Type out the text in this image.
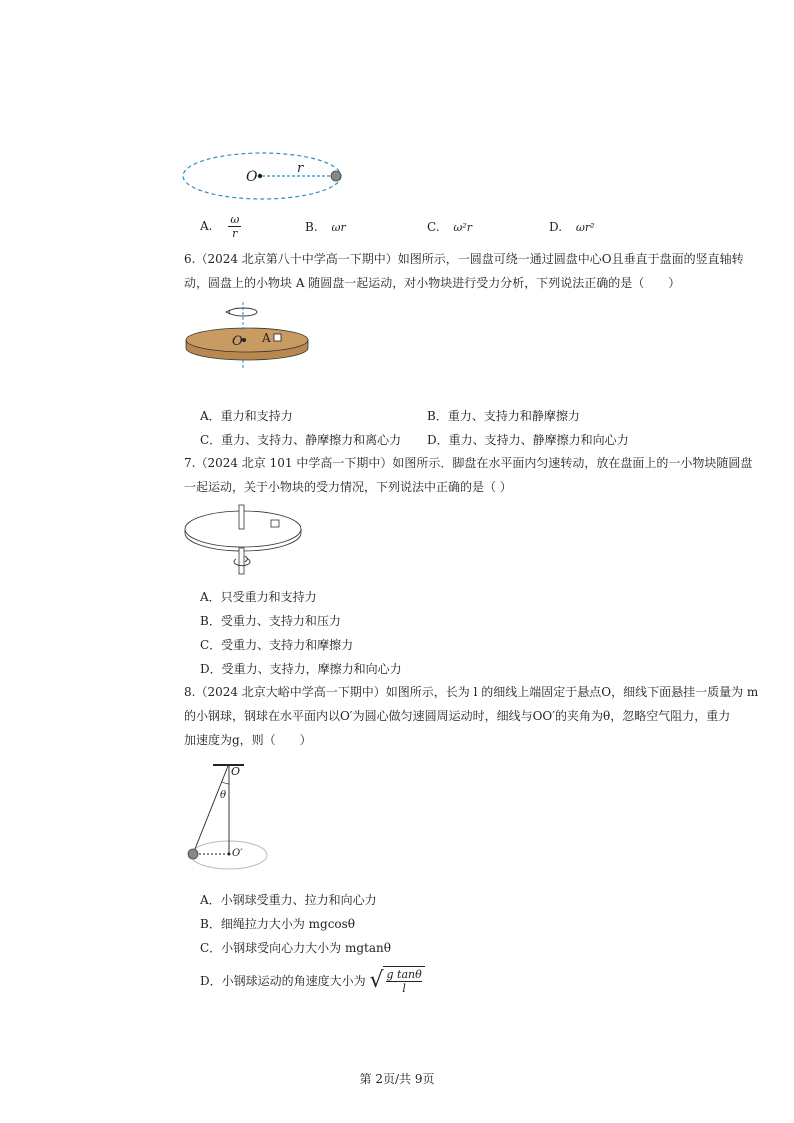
O
r
A. $\frac{\omega}{r}$	B. ωr	C. ω²r	D. ωr²
6.（2024 北京第八十中学高一下期中）如图所示，一圆盘可绕一通过圆盘中心O且垂直于盘面的竖直轴转
动，圆盘上的小物块 A 随圆盘一起运动，对小物块进行受力分析，下列说法正确的是（　　）
O A
A．重力和支持力	B．重力、支持力和静摩擦力
C．重力、支持力、静摩擦力和离心力 D．重力、支持力、静摩擦力和向心力
7.（2024 北京 101 中学高一下期中）如图所示．脚盘在水平面内匀速转动，放在盘面上的一小物块随圆盘
一起运动，关于小物块的受力情况，下列说法中正确的是（ ）
A．只受重力和支持力
B．受重力、支持力和压力
C．受重力、支持力和摩擦力
D．受重力、支持力，摩擦力和向心力
8.（2024 北京大峪中学高一下期中）如图所示，长为 l 的细线上端固定于悬点O，细线下面悬挂一质量为 m
的小钢球，钢球在水平面内以O′为圆心做匀速圆周运动时，细线与OO′的夹角为θ，忽略空气阻力，重力
加速度为g，则（　　）
O
θ
O′
A．小钢球受重力、拉力和向心力
B．细绳拉力大小为 mgcosθ
C．小钢球受向心力大小为 mgtanθ
D．小钢球运动的角速度大小为 √ $\frac{\text{g tanθ}}{l}$
第 2页/共 9页
